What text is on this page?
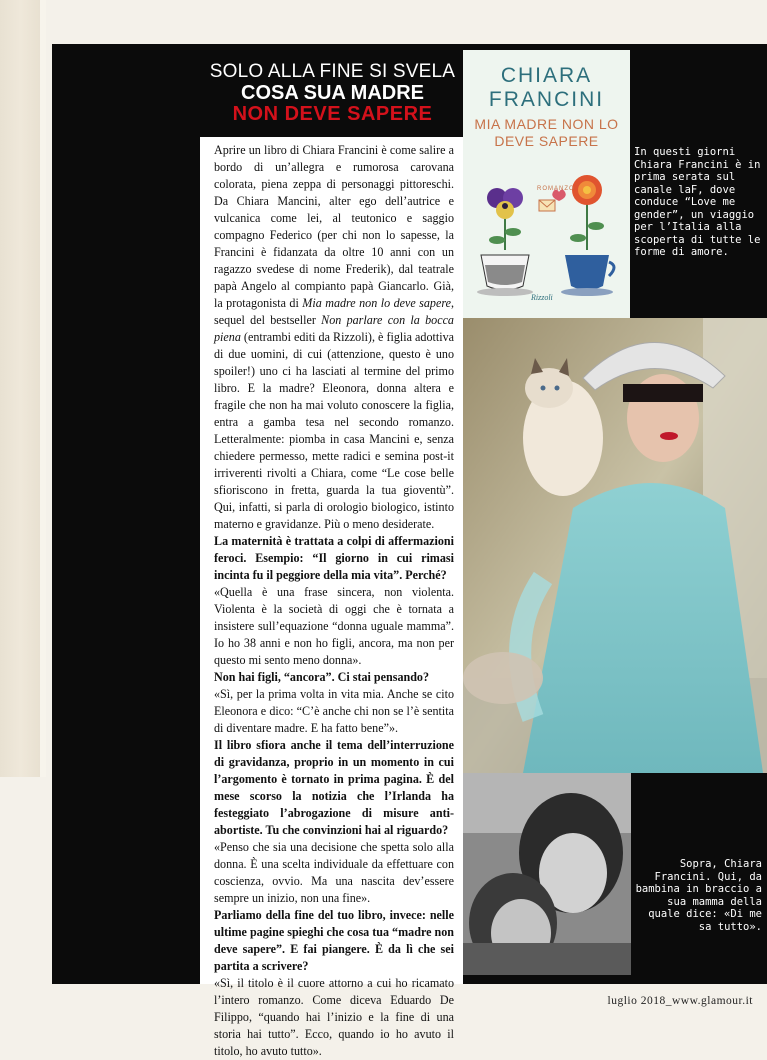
SOLO ALLA FINE SI SVELA
COSA SUA MADRE
NON DEVE SAPERE

Aprire un libro di Chiara Francini è come salire a bordo di un’allegra e rumorosa carovana colorata, piena zeppa di personaggi pittoreschi. Da Chiara Mancini, alter ego dell’autrice e vulcanica come lei, al teutonico e saggio compagno Federico (per chi non lo sapesse, la Francini è fidanzata da oltre 10 anni con un ragazzo svedese di nome Frederik), dal teatrale papà Angelo al compianto papà Giancarlo. Già, la protagonista di Mia madre non lo deve sapere, sequel del bestseller Non parlare con la bocca piena (entrambi editi da Rizzoli), è figlia adottiva di due uomini, di cui (attenzione, questo è uno spoiler!) uno ci ha lasciati al termine del primo libro. E la madre? Eleonora, donna altera e fragile che non ha mai voluto conoscere la figlia, entra a gamba tesa nel secondo romanzo. Letteralmente: piomba in casa Mancini e, senza chiedere permesso, mette radici e semina post-it irriverenti rivolti a Chiara, come “Le cose belle sfioriscono in fretta, guarda la tua gioventù”. Qui, infatti, si parla di orologio biologico, istinto materno e gravidanze. Più o meno desiderate.

La maternità è trattata a colpi di affermazioni feroci. Esempio: “Il giorno in cui rimasi incinta fu il peggiore della mia vita”. Perché?

«Quella è una frase sincera, non violenta. Violenta è la società di oggi che è tornata a insistere sull’equazione “donna uguale mamma”. Io ho 38 anni e non ho figli, ancora, ma non per questo mi sento meno donna».

Non hai figli, “ancora”. Ci stai pensando?

«Sì, per la prima volta in vita mia. Anche se cito Eleonora e dico: “C’è anche chi non se l’è sentita di diventare madre. E ha fatto bene”».

Il libro sfiora anche il tema dell’interruzione di gravidanza, proprio in un momento in cui l’argomento è tornato in prima pagina. È del mese scorso la notizia che l’Irlanda ha festeggiato l’abrogazione di misure anti-abortiste. Tu che convinzioni hai al riguardo?

«Penso che sia una decisione che spetta solo alla donna. È una scelta individuale da effettuare con coscienza, ovvio. Ma una nascita dev’essere sempre un inizio, non una fine».

Parliamo della fine del tuo libro, invece: nelle ultime pagine spieghi che cosa tua “madre non deve sapere”. E fai piangere. È da lì che sei partita a scrivere?

«Sì, il titolo è il cuore attorno a cui ho ricamato l’intero romanzo. Come diceva Eduardo De Filippo, “quando hai l’inizio e la fine di una storia hai tutto”. Ecco, quando io ho avuto il titolo, ho avuto tutto».

CHIARA FRANCINI
MIA MADRE NON LO DEVE SAPERE
ROMANZO
Rizzoli
In questi giorni Chiara Francini è in prima serata sul canale laF, dove conduce “Love me gender”, un viaggio per l’Italia alla scoperta di tutte le forme di amore.
Sopra, Chiara Francini. Qui, da bambina in braccio a sua mamma della quale dice: «Di me sa tutto».
luglio 2018_www.glamour.it
